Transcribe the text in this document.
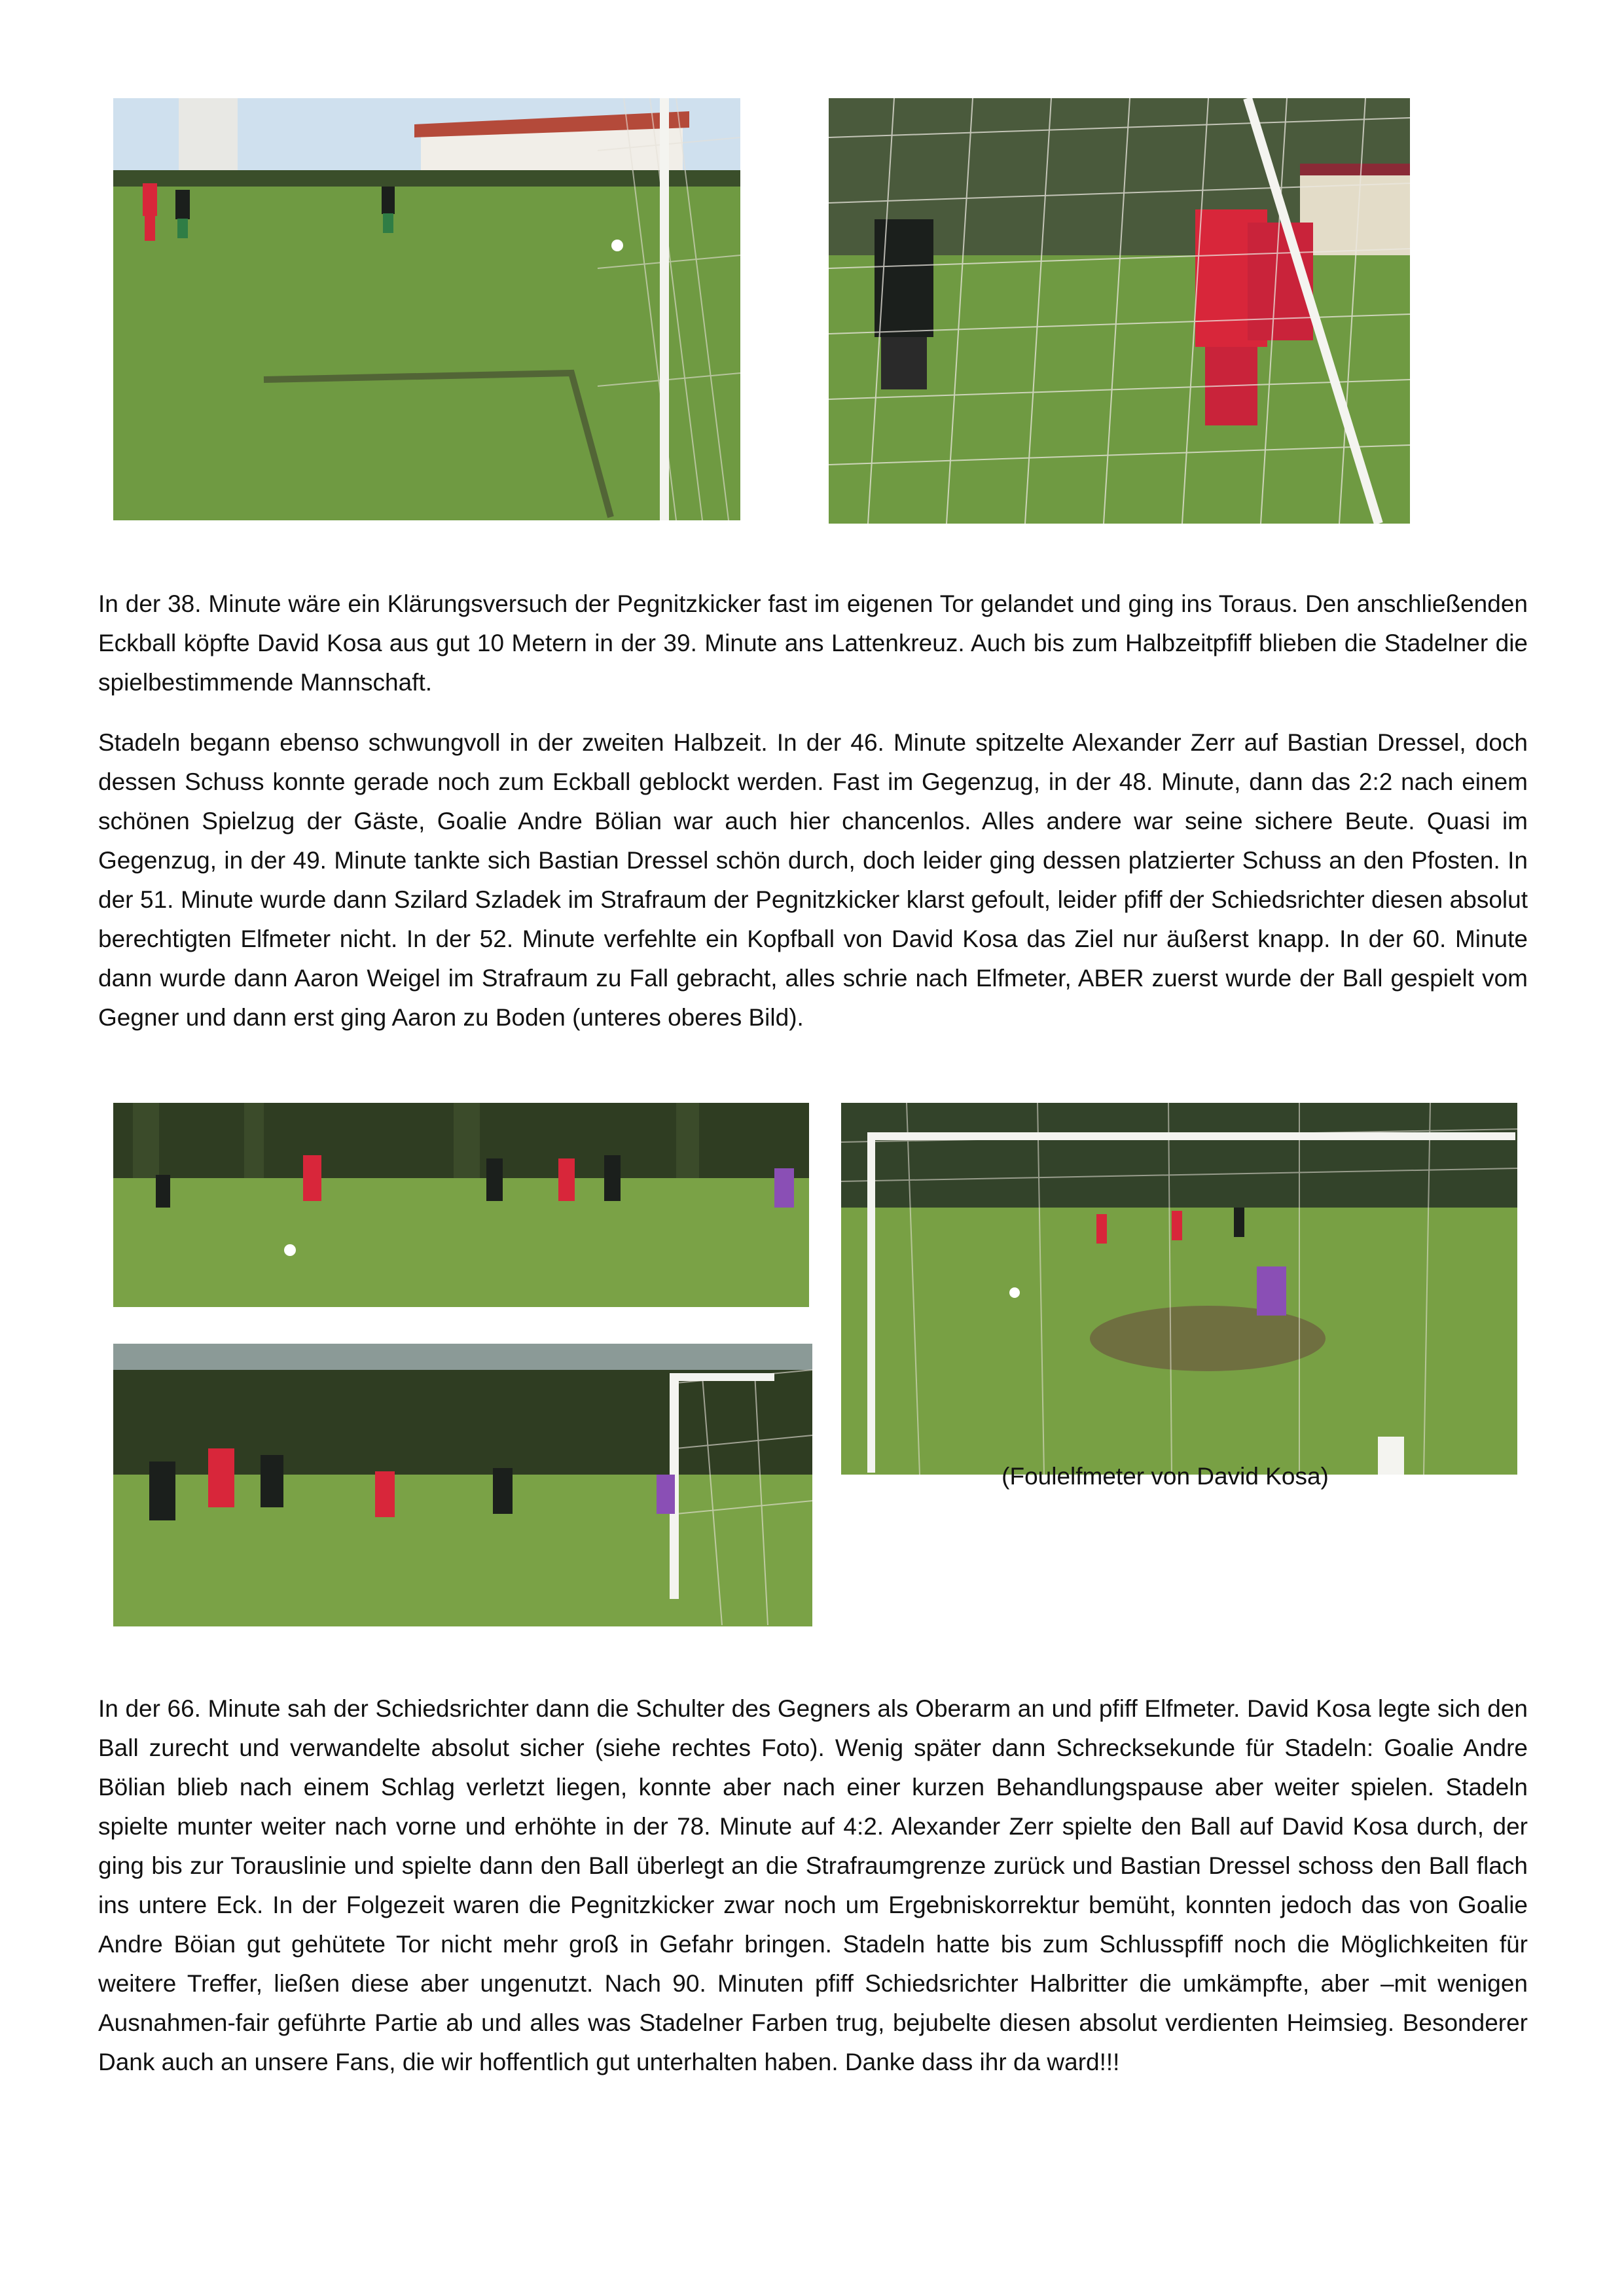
In der 38. Minute wäre ein Klärungsversuch der Pegnitzkicker fast im eigenen Tor gelandet und ging ins Toraus. Den anschließenden Eckball köpfte David Kosa aus gut 10 Metern in der 39. Minute ans Lattenkreuz. Auch bis zum Halbzeitpfiff blieben die Stadelner die spielbestimmende Mannschaft.

Stadeln begann ebenso schwungvoll in der zweiten Halbzeit. In der 46. Minute spitzelte Alexander Zerr auf Bastian Dressel, doch dessen Schuss konnte gerade noch zum Eckball geblockt werden. Fast im Gegenzug, in der 48. Minute, dann das 2:2 nach einem schönen Spielzug der Gäste, Goalie Andre Bölian war auch hier chancenlos. Alles andere war seine sichere Beute. Quasi im Gegenzug, in der 49. Minute tankte sich Bastian Dressel schön durch, doch leider ging dessen platzierter Schuss an den Pfosten. In der 51. Minute wurde dann Szilard Szladek im Strafraum der Pegnitzkicker klarst gefoult, leider pfiff der Schiedsrichter diesen absolut berechtigten Elfmeter nicht. In der 52. Minute verfehlte ein Kopfball von David Kosa das Ziel nur äußerst knapp. In der 60. Minute dann wurde dann Aaron Weigel im Strafraum zu Fall gebracht, alles schrie nach Elfmeter, ABER zuerst wurde der Ball gespielt vom Gegner und dann erst ging Aaron zu Boden (unteres oberes Bild).

(Foulelfmeter von David Kosa)

In der 66. Minute sah der Schiedsrichter dann die Schulter des Gegners als Oberarm an und pfiff Elfmeter. David Kosa legte sich den Ball zurecht und verwandelte absolut sicher (siehe rechtes Foto). Wenig später dann Schrecksekunde für Stadeln: Goalie Andre Bölian blieb nach einem Schlag verletzt liegen, konnte aber nach einer kurzen Behandlungspause aber weiter spielen. Stadeln spielte munter weiter nach vorne und erhöhte in der 78. Minute auf 4:2. Alexander Zerr spielte den Ball auf David Kosa durch, der ging bis zur Torauslinie und spielte dann den Ball überlegt an die Strafraumgrenze zurück und Bastian Dressel schoss den Ball flach ins untere Eck. In der Folgezeit waren die Pegnitzkicker zwar noch um Ergebniskorrektur bemüht, konnten jedoch das von Goalie Andre Böian gut gehütete Tor nicht mehr groß in Gefahr bringen. Stadeln hatte bis zum Schlusspfiff noch die Möglichkeiten für weitere Treffer, ließen diese aber ungenutzt. Nach 90. Minuten pfiff Schiedsrichter Halbritter die umkämpfte, aber –mit wenigen Ausnahmen-fair geführte Partie ab und alles was Stadelner Farben trug, bejubelte diesen absolut verdienten Heimsieg. Besonderer Dank auch an unsere Fans, die wir hoffentlich gut unterhalten haben. Danke dass ihr da ward!!!
